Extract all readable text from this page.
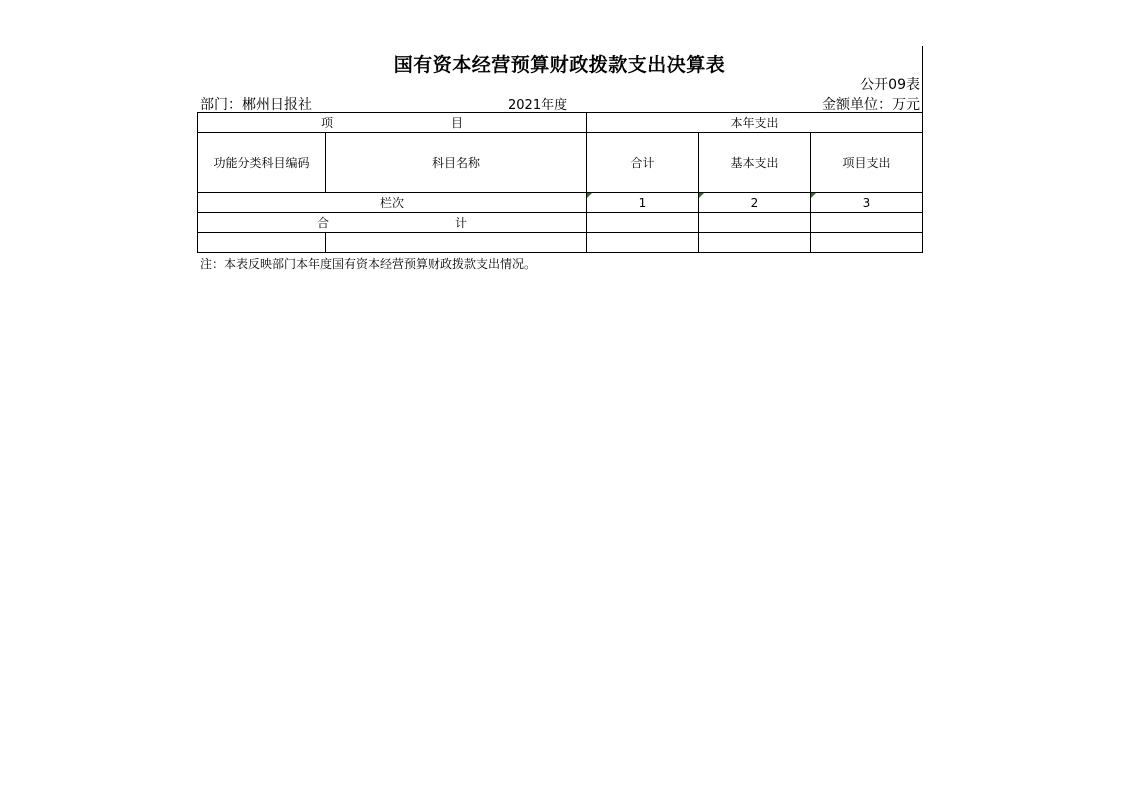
国有资本经营预算财政拨款支出决算表
公开09表
部门：郴州日报社	2021年度	金额单位：万元
项 目		本年支出		
功能分类科目编码	科目名称	合计	基本支出	项目支出
栏次		1	2	3
合 计				

注：本表反映部门本年度国有资本经营预算财政拨款支出情况。
